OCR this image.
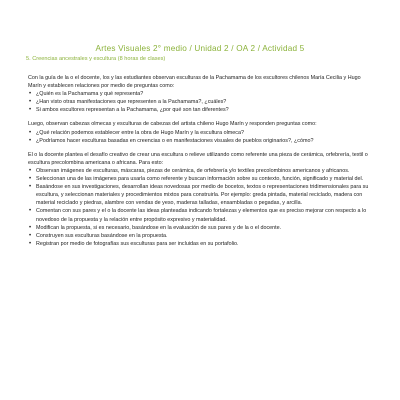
Artes Visuales 2° medio / Unidad 2 / OA 2 / Actividad 5
5. Creencias ancestrales y escultura (8 horas de clases)

Con la guía de la o el docente, los y las estudiantes observan esculturas de la Pachamama de los escultores chilenos María Cecilia y Hugo Marín y establecen relaciones por medio de preguntas como:

• ¿Quién es la Pachamama y qué representa?
• ¿Han visto otras manifestaciones que representen a la Pachamama?, ¿cuáles?
• Si ambos escultores representan a la Pachamama, ¿por qué son tan diferentes?

Luego, observan cabezas olmecas y esculturas de cabezas del artista chileno Hugo Marín y responden preguntas como:

• ¿Qué relación podemos establecer entre la obra de Hugo Marín y la escultura olmeca?
• ¿Podríamos hacer esculturas basadas en creencias o en manifestaciones visuales de pueblos originarios?, ¿cómo?

El o la docente plantea el desafío creativo de crear una escultura o relieve utilizando como referente una pieza de cerámica, orfebrería, textil o escultura precolombina americana o africana. Para esto:

• Observan imágenes de esculturas, máscaras, piezas de cerámica, de orfebrería y/o textiles precolombinos americanos y africanos.
• Seleccionan una de las imágenes para usarla como referente y buscan información sobre su contexto, función, significado y material del.
• Basándose en sus investigaciones, desarrollan ideas novedosas por medio de bocetos, textos o representaciones tridimensionales para su escultura, y seleccionan materiales y procedimientos mixtos para construirla. Por ejemplo: greda pintada, material reciclado, madera con material reciclado y piedras, alambre con vendas de yeso, maderas talladas, ensambladas o pegadas, y arcilla.
• Comentan con sus pares y el o la docente las ideas planteadas indicando fortalezas y elementos que es preciso mejorar con respecto a lo novedoso de la propuesta y la relación entre propósito expresivo y materialidad.
• Modifican la propuesta, si es necesario, basándose en la evaluación de sus pares y de la o el docente.
• Construyen sus esculturas basándose en la propuesta.
• Registran por medio de fotografías sus esculturas para ser incluidas en su portafolio.
